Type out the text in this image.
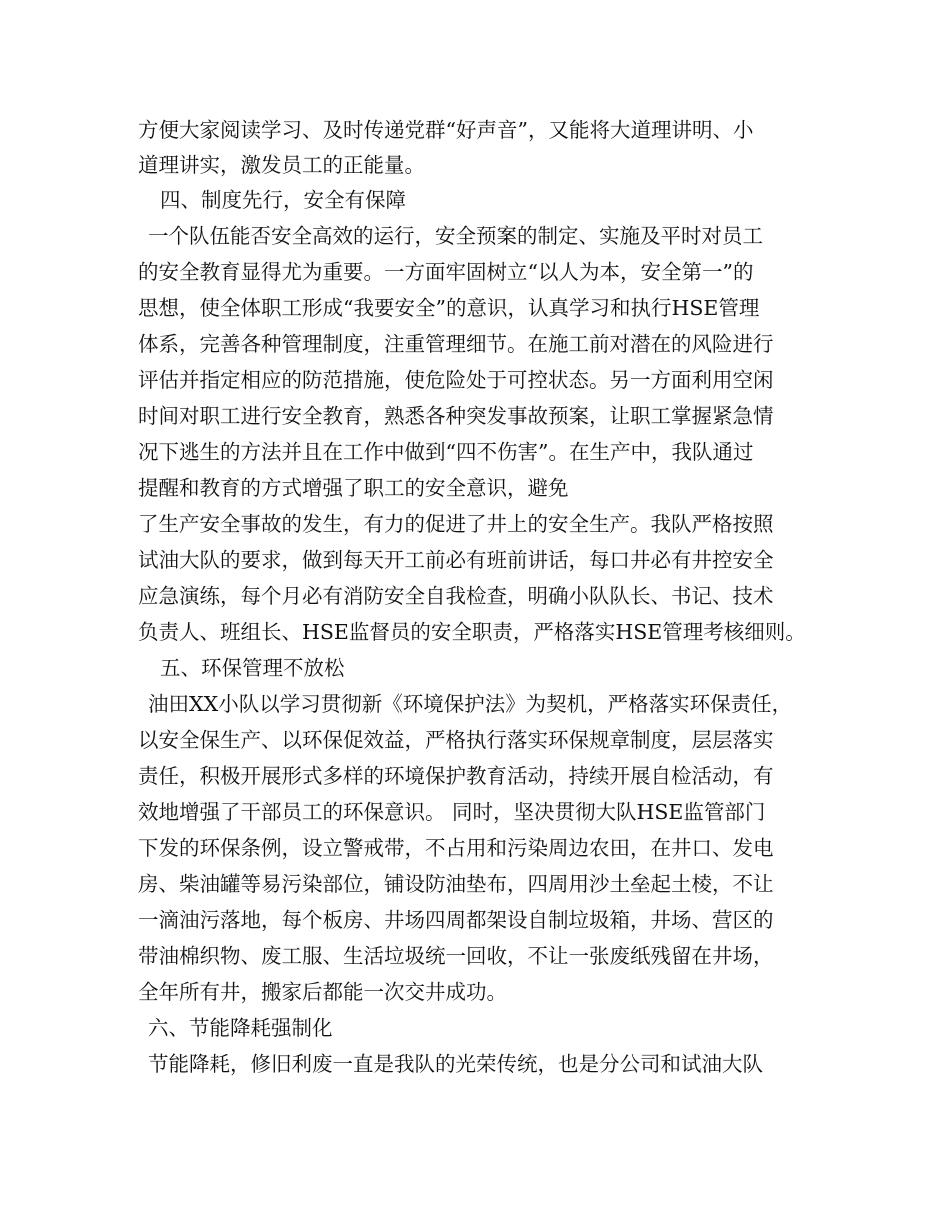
方便大家阅读学习、及时传递党群“好声音”，又能将大道理讲明、小
道理讲实，激发员工的正能量。
四、制度先行，安全有保障
一个队伍能否安全高效的运行，安全预案的制定、实施及平时对员工
的安全教育显得尤为重要。一方面牢固树立“以人为本，安全第一”的
思想，使全体职工形成“我要安全”的意识，认真学习和执行HSE管理
体系，完善各种管理制度，注重管理细节。在施工前对潜在的风险进行
评估并指定相应的防范措施，使危险处于可控状态。另一方面利用空闲
时间对职工进行安全教育，熟悉各种突发事故预案，让职工掌握紧急情
况下逃生的方法并且在工作中做到“四不伤害”。在生产中，我队通过
提醒和教育的方式增强了职工的安全意识，避免
了生产安全事故的发生，有力的促进了井上的安全生产。我队严格按照
试油大队的要求，做到每天开工前必有班前讲话，每口井必有井控安全
应急演练，每个月必有消防安全自我检查，明确小队队长、书记、技术
负责人、班组长、HSE监督员的安全职责，严格落实HSE管理考核细则。
五、环保管理不放松
油田XX小队以学习贯彻新《环境保护法》为契机，严格落实环保责任，
以安全保生产、以环保促效益，严格执行落实环保规章制度，层层落实
责任，积极开展形式多样的环境保护教育活动，持续开展自检活动，有
效地增强了干部员工的环保意识。 同时，坚决贯彻大队HSE监管部门
下发的环保条例，设立警戒带，不占用和污染周边农田，在井口、发电
房、柴油罐等易污染部位，铺设防油垫布，四周用沙土垒起土棱，不让
一滴油污落地，每个板房、井场四周都架设自制垃圾箱，井场、营区的
带油棉织物、废工服、生活垃圾统一回收，不让一张废纸残留在井场，
全年所有井，搬家后都能一次交井成功。
六、节能降耗强制化
节能降耗，修旧利废一直是我队的光荣传统，也是分公司和试油大队
